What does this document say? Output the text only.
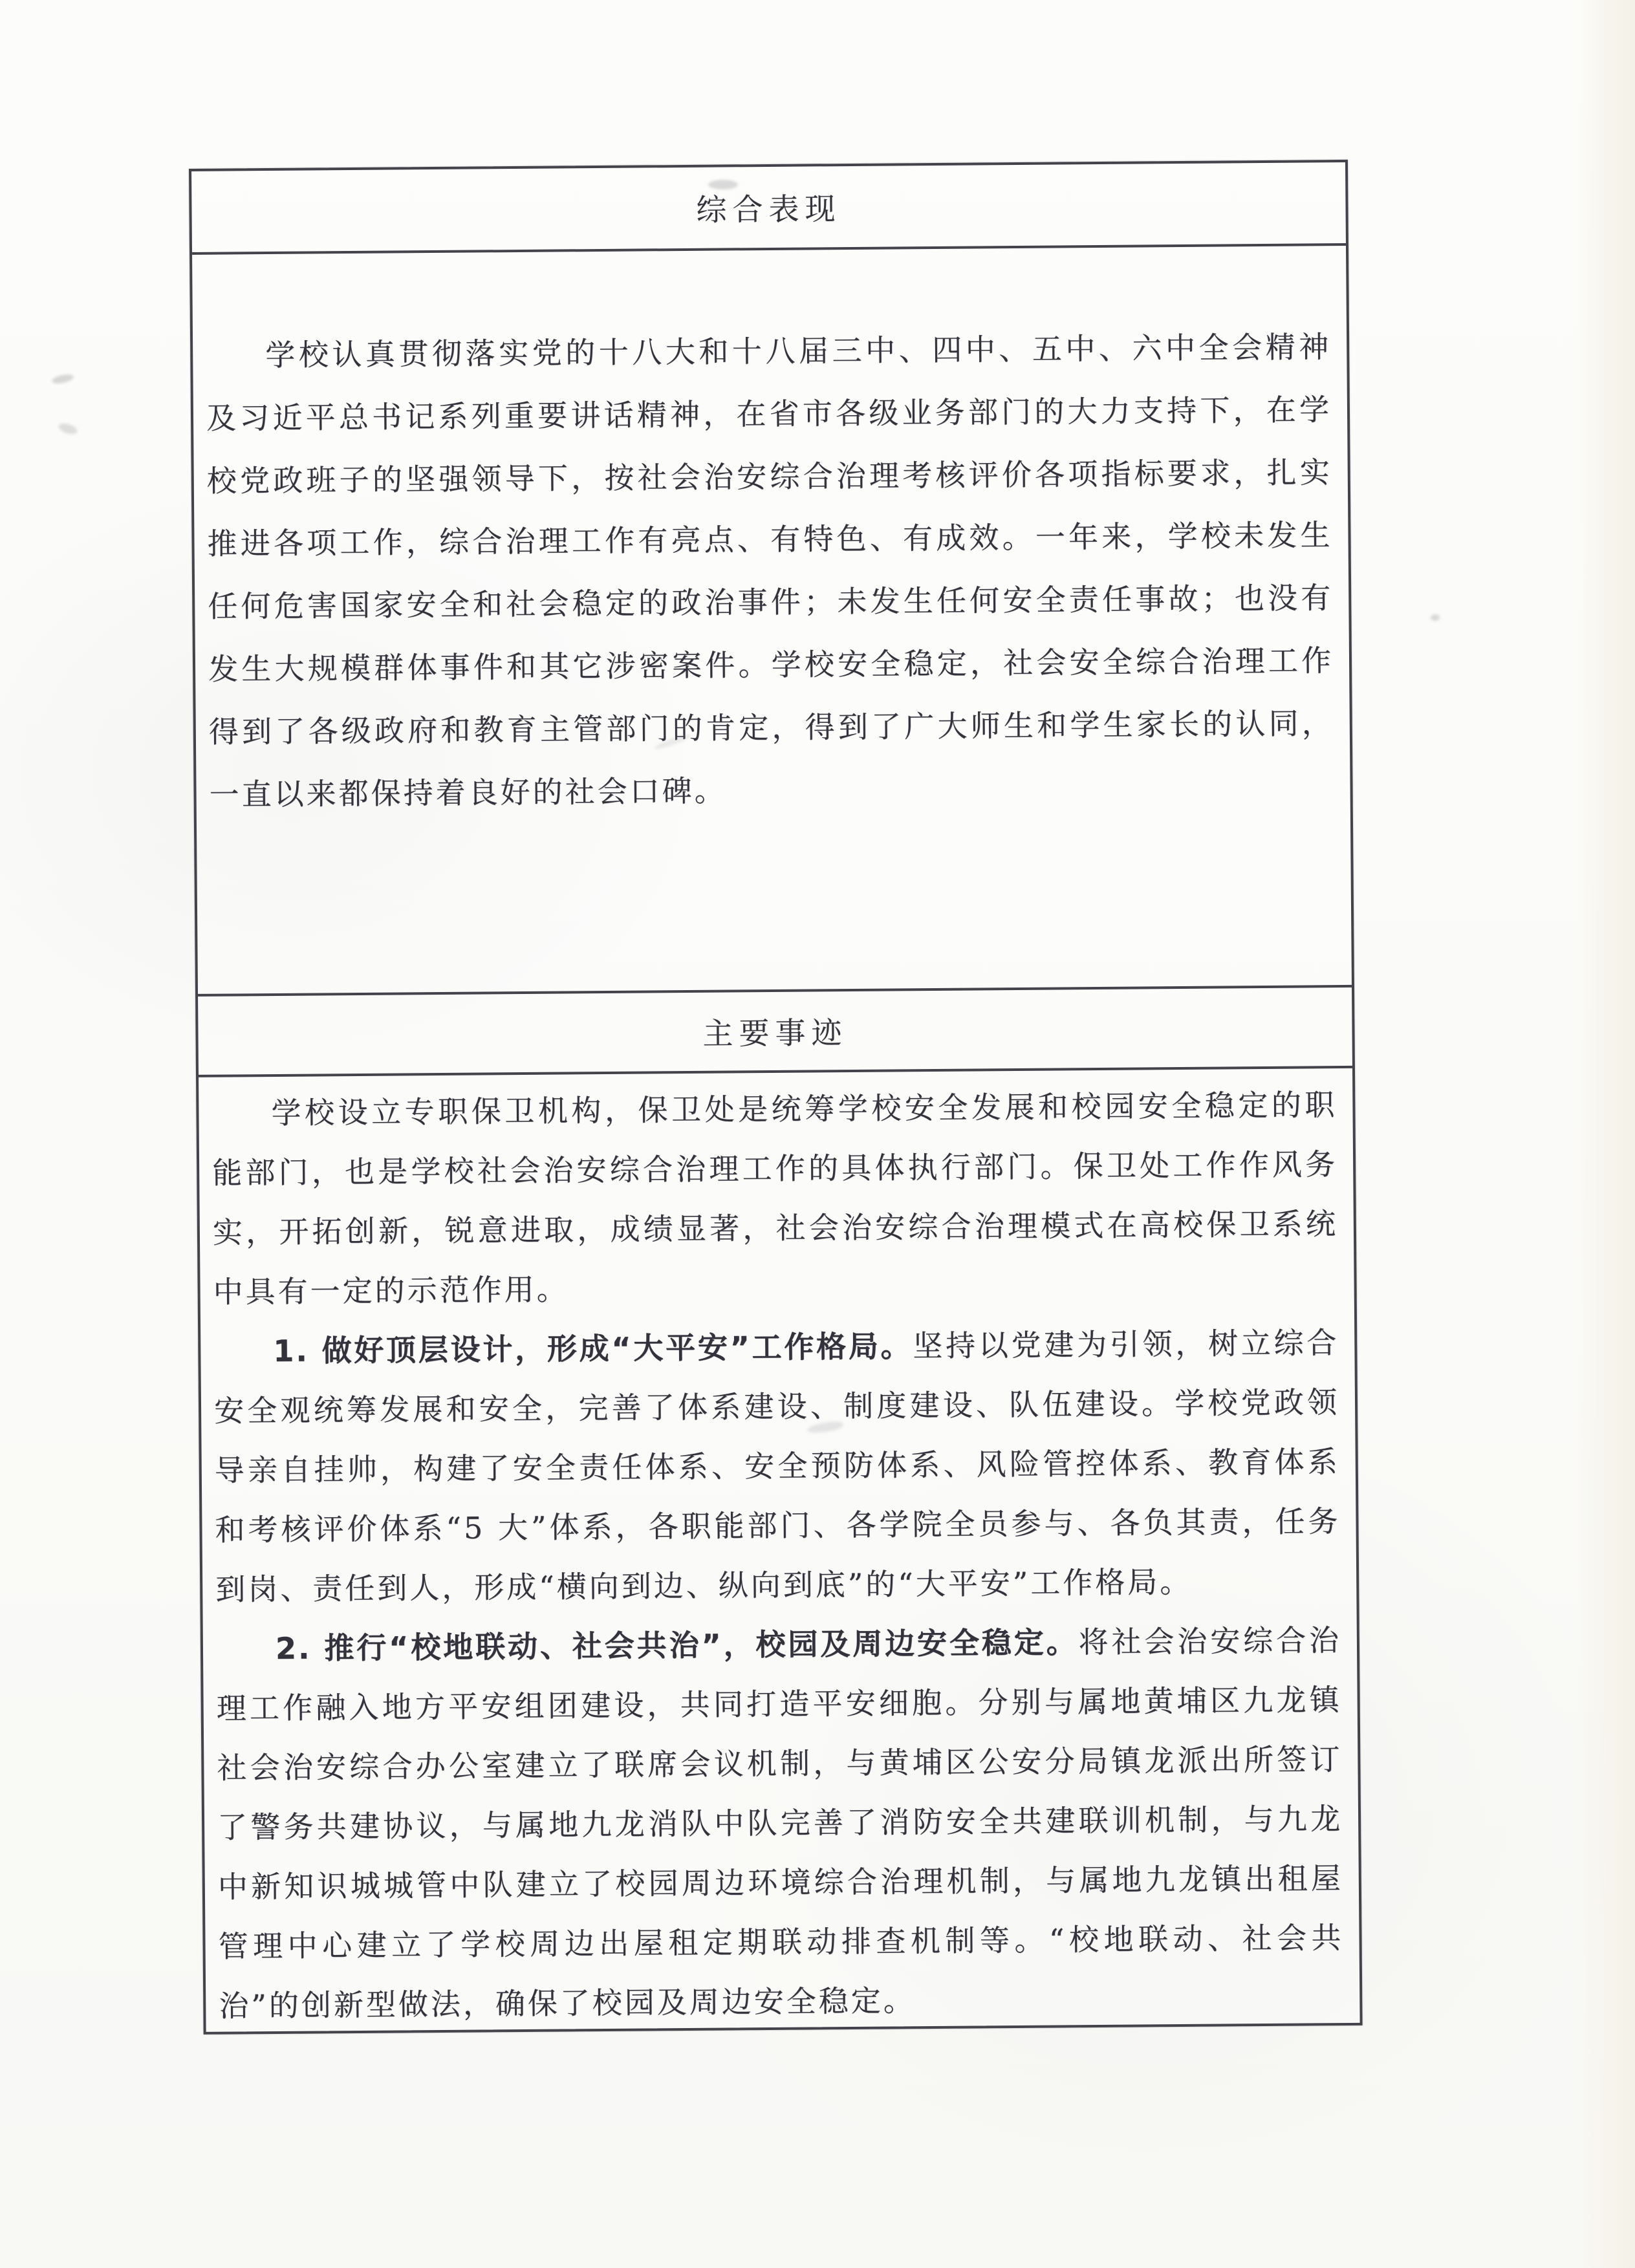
综合表现

学校认真贯彻落实党的十八大和十八届三中、四中、五中、六中全会精神及习近平总书记系列重要讲话精神，在省市各级业务部门的大力支持下，在学校党政班子的坚强领导下，按社会治安综合治理考核评价各项指标要求，扎实推进各项工作，综合治理工作有亮点、有特色、有成效。一年来，学校未发生任何危害国家安全和社会稳定的政治事件；未发生任何安全责任事故；也没有发生大规模群体事件和其它涉密案件。学校安全稳定，社会安全综合治理工作得到了各级政府和教育主管部门的肯定，得到了广大师生和学生家长的认同，一直以来都保持着良好的社会口碑。

主要事迹

学校设立专职保卫机构，保卫处是统筹学校安全发展和校园安全稳定的职能部门，也是学校社会治安综合治理工作的具体执行部门。保卫处工作作风务实，开拓创新，锐意进取，成绩显著，社会治安综合治理模式在高校保卫系统中具有一定的示范作用。

1. 做好顶层设计，形成“大平安”工作格局。坚持以党建为引领，树立综合安全观统筹发展和安全，完善了体系建设、制度建设、队伍建设。学校党政领导亲自挂帅，构建了安全责任体系、安全预防体系、风险管控体系、教育体系和考核评价体系“5 大”体系，各职能部门、各学院全员参与、各负其责，任务到岗、责任到人，形成“横向到边、纵向到底”的“大平安”工作格局。

2. 推行“校地联动、社会共治”，校园及周边安全稳定。将社会治安综合治理工作融入地方平安组团建设，共同打造平安细胞。分别与属地黄埔区九龙镇社会治安综合办公室建立了联席会议机制，与黄埔区公安分局镇龙派出所签订了警务共建协议，与属地九龙消队中队完善了消防安全共建联训机制，与九龙中新知识城城管中队建立了校园周边环境综合治理机制，与属地九龙镇出租屋管理中心建立了学校周边出屋租定期联动排查机制等。“校地联动、社会共治”的创新型做法，确保了校园及周边安全稳定。
